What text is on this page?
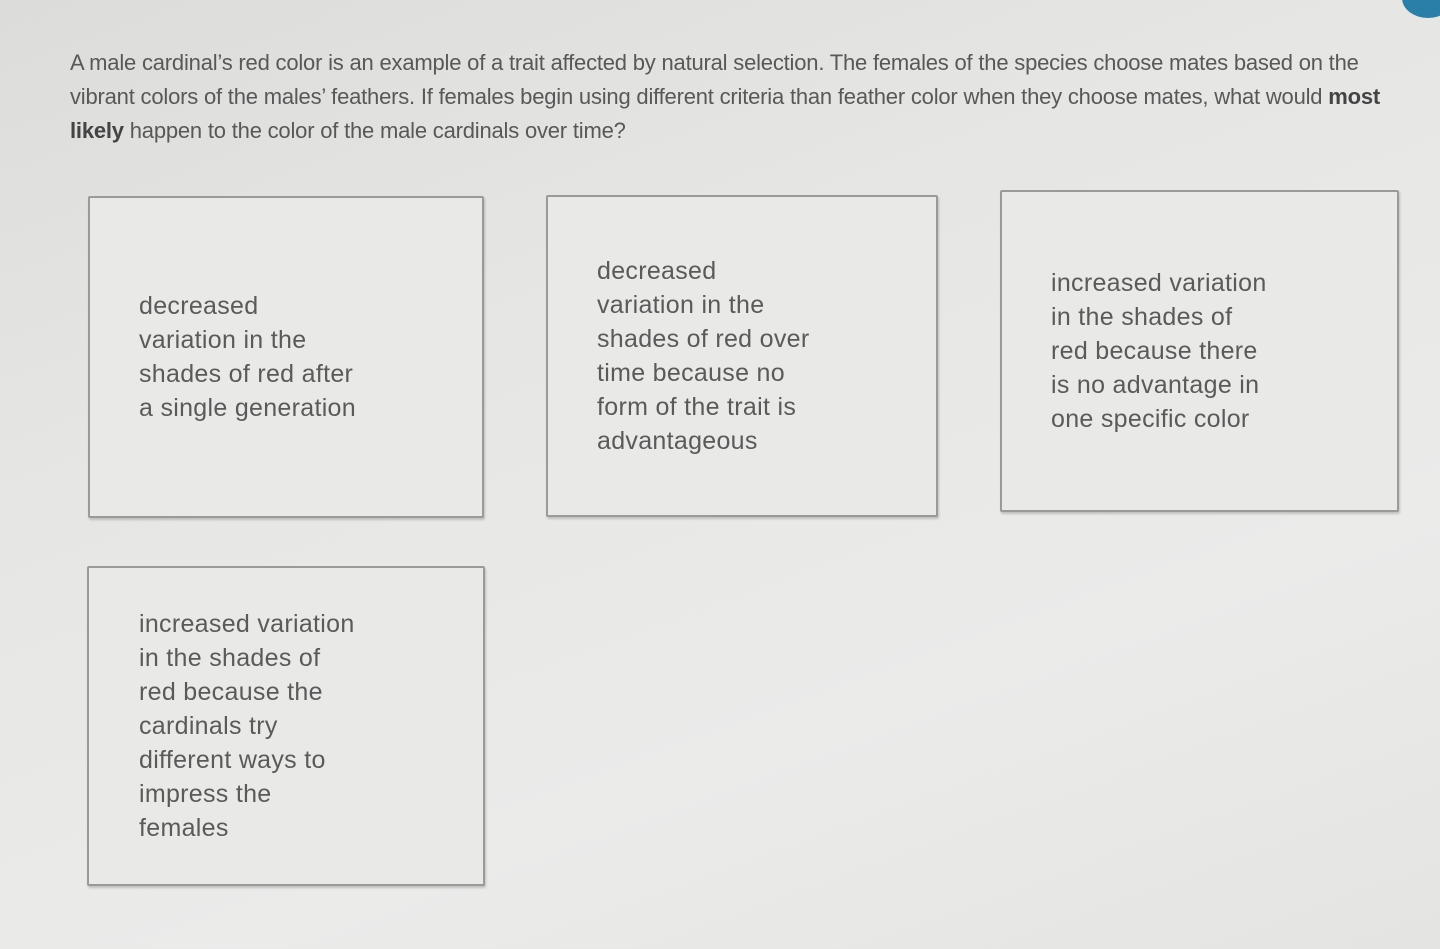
A male cardinal’s red color is an example of a trait affected by natural selection. The females of the species choose mates based on the vibrant colors of the males’ feathers. If females begin using different criteria than feather color when they choose mates, what would most likely happen to the color of the male cardinals over time?
decreased
variation in the
shades of red after
a single generation
decreased
variation in the
shades of red over
time because no
form of the trait is
advantageous
increased variation
in the shades of
red because there
is no advantage in
one specific color
increased variation
in the shades of
red because the
cardinals try
different ways to
impress the
females
